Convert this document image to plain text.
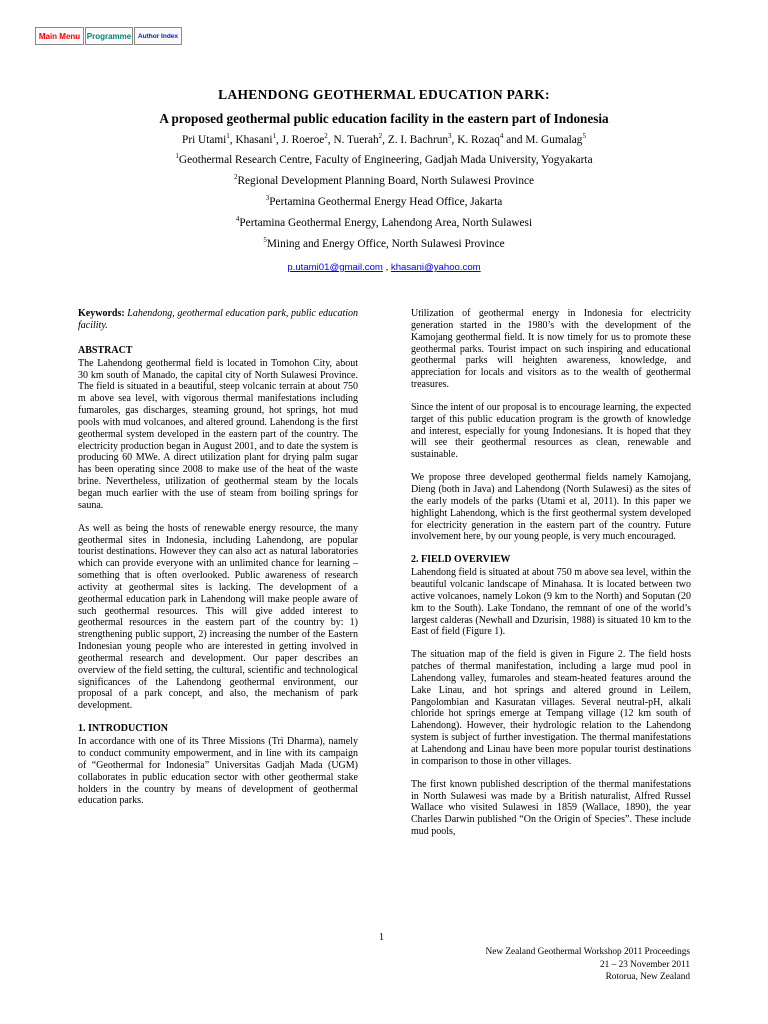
Main Menu Programme	Author Index

LAHENDONG GEOTHERMAL EDUCATION PARK:

A proposed geothermal public education facility in the eastern part of Indonesia

Pri Utami$^1$, Khasani$^1$, J. Roeroe$^2$, N. Tuerah$^2$, Z. I. Bachrun$^3$, K. Rozaq$^4$ and M. Gumalag$^5$

$^1$Geothermal Research Centre, Faculty of Engineering, Gadjah Mada University, Yogyakarta

$^2$Regional Development Planning Board, North Sulawesi Province

$^3$Pertamina Geothermal Energy Head Office, Jakarta

$^4$Pertamina Geothermal Energy, Lahendong Area, North Sulawesi

$^5$Mining and Energy Office, North Sulawesi Province

p.utami01@gmail.com , khasani@yahoo.com

Keywords: Lahendong, geothermal education park, public education facility.

ABSTRACT

The Lahendong geothermal field is located in Tomohon City, about 30 km south of Manado, the capital city of North Sulawesi Province. The field is situated in a beautiful, steep volcanic terrain at about 750 m above sea level, with vigorous thermal manifestations including fumaroles, gas discharges, steaming ground, hot springs, hot mud pools with mud volcanoes, and altered ground. Lahendong is the first geothermal system developed in the eastern part of the country. The electricity production began in August 2001, and to date the system is producing 60 MWe. A direct utilization plant for drying palm sugar has been operating since 2008 to make use of the heat of the waste brine. Nevertheless, utilization of geothermal steam by the locals began much earlier with the use of steam from boiling springs for sauna.

As well as being the hosts of renewable energy resource, the many geothermal sites in Indonesia, including Lahendong, are popular tourist destinations. However they can also act as natural laboratories which can provide everyone with an unlimited chance for learning – something that is often overlooked. Public awareness of research activity at geothermal sites is lacking. The development of a geothermal education park in Lahendong will make people aware of such geothermal resources. This will give added interest to geothermal resources in the eastern part of the country by: 1) strengthening public support, 2) increasing the number of the Eastern Indonesian young people who are interested in getting involved in geothermal research and development. Our paper describes an overview of the field setting, the cultural, scientific and technological significances of the Lahendong geothermal environment, our proposal of a park concept, and also, the mechanism of park development.

1. INTRODUCTION

In accordance with one of its Three Missions (Tri Dharma), namely to conduct community empowerment, and in line with its campaign of “Geothermal for Indonesia” Universitas Gadjah Mada (UGM) collaborates in public education sector with other geothermal stake holders in the country by means of development of geothermal education parks.

Utilization of geothermal energy in Indonesia for electricity generation started in the 1980’s with the development of the Kamojang geothermal field. It is now timely for us to promote these geothermal parks. Tourist impact on such inspiring and educational geothermal parks will heighten awareness, knowledge, and appreciation for locals and visitors as to the wealth of geothermal treasures.

Since the intent of our proposal is to encourage learning, the expected target of this public education program is the growth of knowledge and interest, especially for young Indonesians. It is hoped that they will see their geothermal resources as clean, renewable and sustainable.

We propose three developed geothermal fields namely Kamojang, Dieng (both in Java) and Lahendong (North Sulawesi) as the sites of the early models of the parks (Utami et al, 2011). In this paper we highlight Lahendong, which is the first geothermal system developed for electricity generation in the eastern part of the country. Future involvement here, by our young people, is very much encouraged.

2. FIELD OVERVIEW

Lahendong field is situated at about 750 m above sea level, within the beautiful volcanic landscape of Minahasa. It is located between two active volcanoes, namely Lokon (9 km to the North) and Soputan (20 km to the South). Lake Tondano, the remnant of one of the world’s largest calderas (Newhall and Dzurisin, 1988) is situated 10 km to the East of field (Figure 1).

The situation map of the field is given in Figure 2. The field hosts patches of thermal manifestation, including a large mud pool in Lahendong valley, fumaroles and steam-heated features around the Lake Linau, and hot springs and altered ground in Leilem, Pangolombian and Kasuratan villages. Several neutral-pH, alkali chloride hot springs emerge at Tempang village (12 km south of Lahendong). However, their hydrologic relation to the Lahendong system is subject of further investigation. The thermal manifestations at Lahendong and Linau have been more popular tourist destinations in comparison to those in other villages.

The first known published description of the thermal manifestations in North Sulawesi was made by a British naturalist, Alfred Russel Wallace who visited Sulawesi in 1859 (Wallace, 1890), the year Charles Darwin published “On the Origin of Species”. These include mud pools,

1
New Zealand Geothermal Workshop 2011 Proceedings
21 – 23 November 2011
Rotorua, New Zealand
